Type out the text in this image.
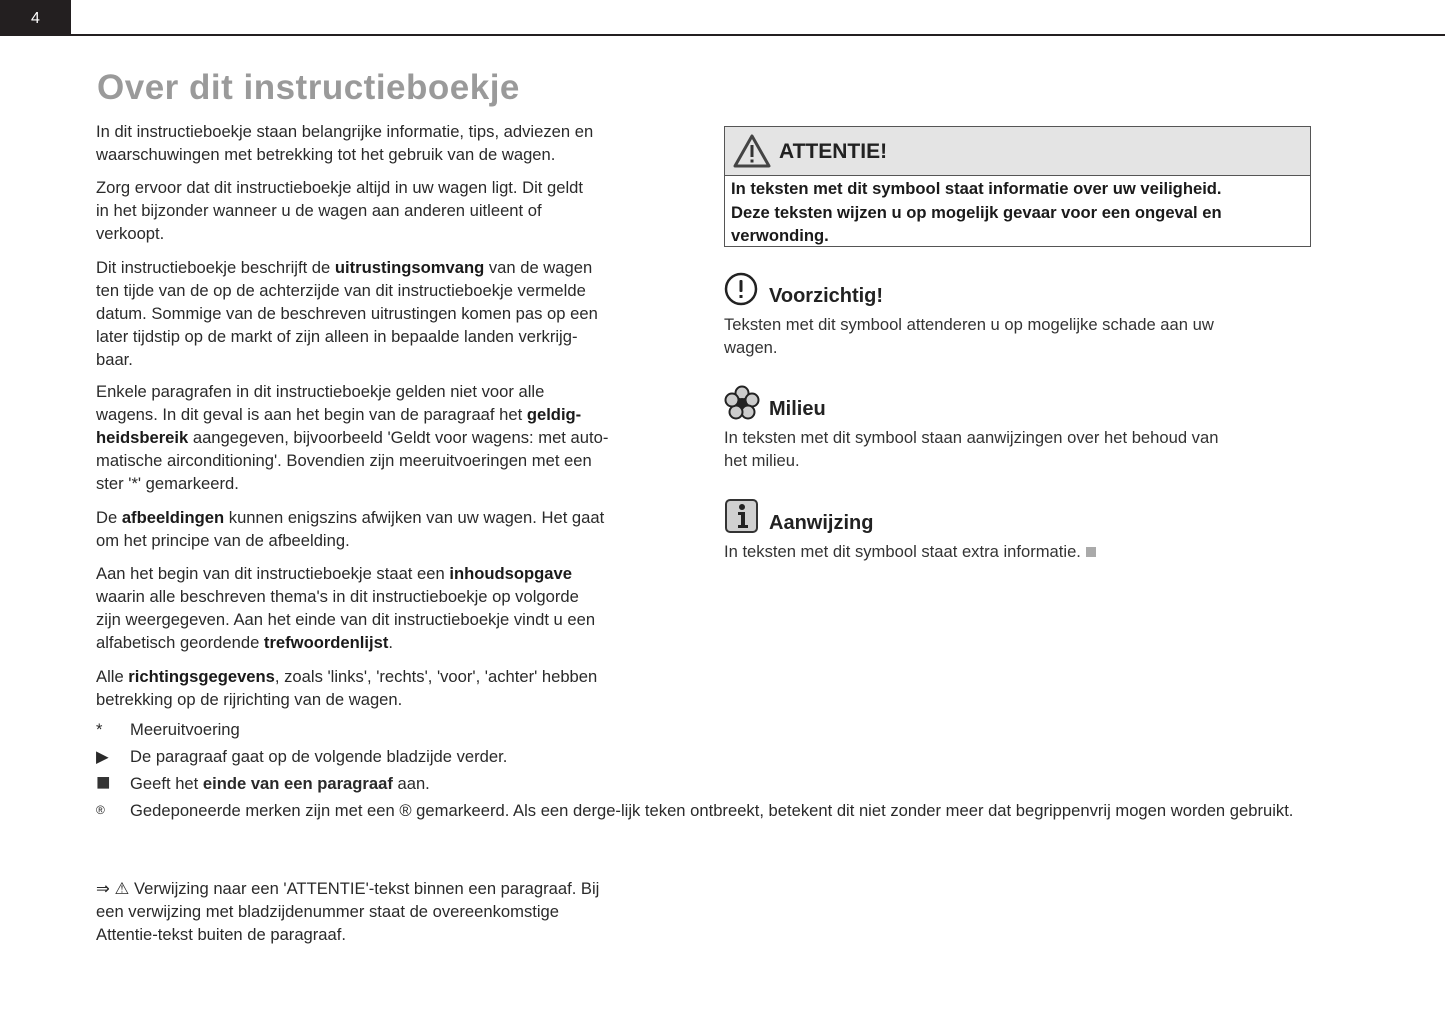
4
Over dit instructieboekje
In dit instructieboekje staan belangrijke informatie, tips, adviezen en
waarschuwingen met betrekking tot het gebruik van de wagen.
Zorg ervoor dat dit instructieboekje altijd in uw wagen ligt. Dit geldt
in het bijzonder wanneer u de wagen aan anderen uitleent of
verkoopt.
Dit instructieboekje beschrijft de uitrustingsomvang van de wagen
ten tijde van de op de achterzijde van dit instructieboekje vermelde
datum. Sommige van de beschreven uitrustingen komen pas op een
later tijdstip op de markt of zijn alleen in bepaalde landen verkrijg-
baar.
Enkele paragrafen in dit instructieboekje gelden niet voor alle
wagens. In dit geval is aan het begin van de paragraaf het geldig-
heidsbereik aangegeven, bijvoorbeeld 'Geldt voor wagens: met auto-
matische airconditioning'. Bovendien zijn meeruitvoeringen met een
ster '*' gemarkeerd.
De afbeeldingen kunnen enigszins afwijken van uw wagen. Het gaat
om het principe van de afbeelding.
Aan het begin van dit instructieboekje staat een inhoudsopgave
waarin alle beschreven thema's in dit instructieboekje op volgorde
zijn weergegeven. Aan het einde van dit instructieboekje vindt u een
alfabetisch geordende trefwoordenlijst.
Alle richtingsgegevens, zoals 'links', 'rechts', 'voor', 'achter' hebben
betrekking op de rijrichting van de wagen.
⇒ ⚠ Verwijzing naar een 'ATTENTIE'-tekst binnen een paragraaf. Bij
een verwijzing met bladzijdenummer staat de overeenkomstige
Attentie-tekst buiten de paragraaf.
*	Meeruitvoering
▶	De paragraaf gaat op de volgende bladzijde verder.
■	Geeft het einde van een paragraaf aan.
®	Gedeponeerde merken zijn met een ® gemarkeerd. Als een derge-lijk teken ontbreekt, betekent dit niet zonder meer dat begrippenvrij mogen worden gebruikt.
ATTENTIE!
In teksten met dit symbool staat informatie over uw veiligheid.
Deze teksten wijzen u op mogelijk gevaar voor een ongeval en
verwonding.
Voorzichtig!
Teksten met dit symbool attenderen u op mogelijke schade aan uw
wagen.
Milieu
In teksten met dit symbool staan aanwijzingen over het behoud van
het milieu.
Aanwijzing
In teksten met dit symbool staat extra informatie.
